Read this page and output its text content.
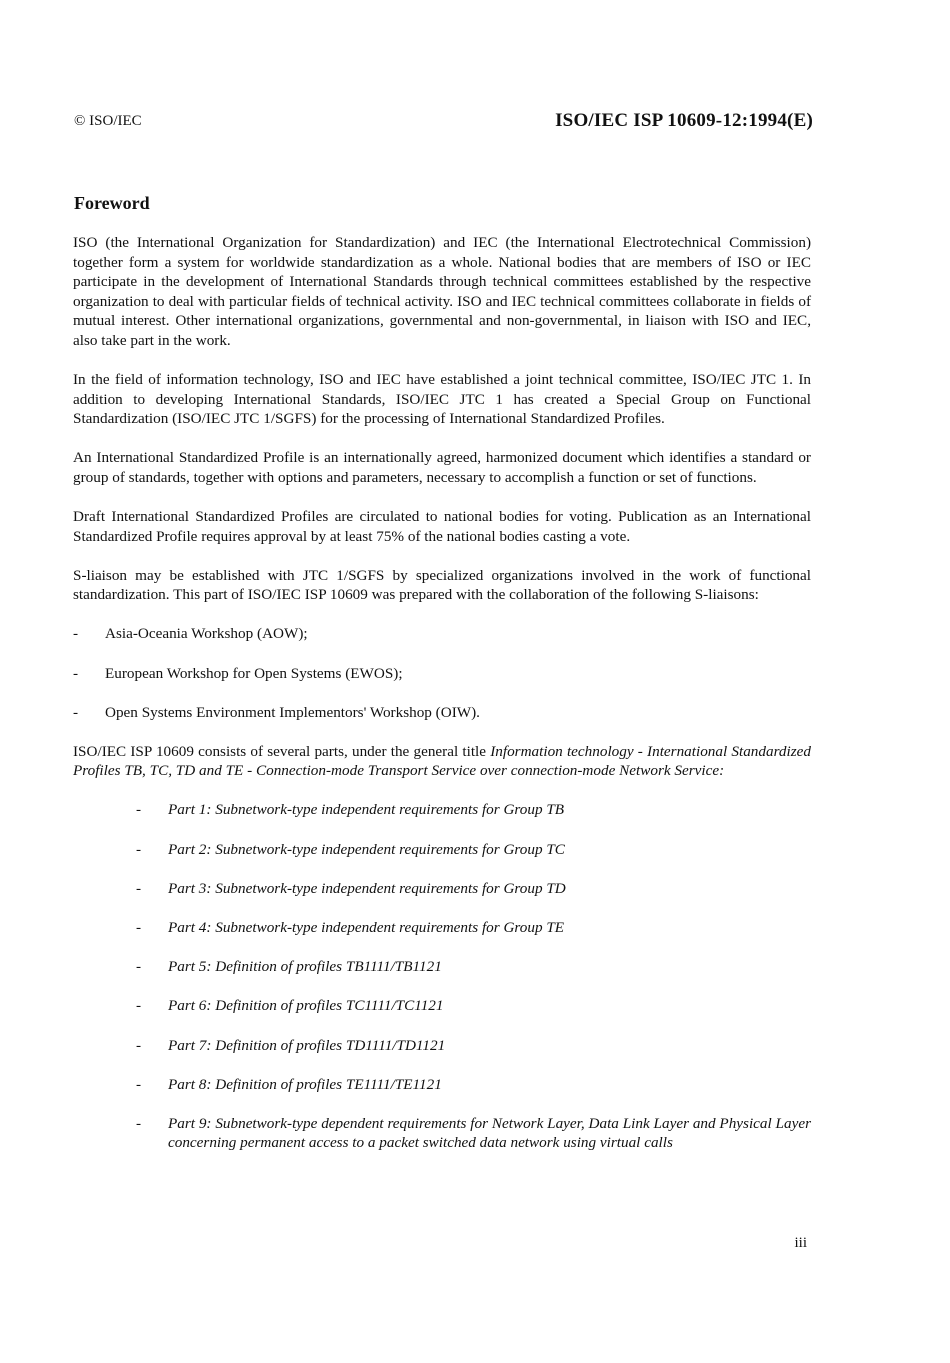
© ISO/IEC	ISO/IEC ISP 10609-12:1994(E)
Foreword

ISO (the International Organization for Standardization) and IEC (the International Electrotechnical Commission) together form a system for worldwide standardization as a whole. National bodies that are members of ISO or IEC participate in the development of International Standards through technical committees established by the respective organization to deal with particular fields of technical activity. ISO and IEC technical committees collaborate in fields of mutual interest. Other international organizations, governmental and non-governmental, in liaison with ISO and IEC, also take part in the work.

In the field of information technology, ISO and IEC have established a joint technical committee, ISO/IEC JTC 1. In addition to developing International Standards, ISO/IEC JTC 1 has created a Special Group on Functional Standardization (ISO/IEC JTC 1/SGFS) for the processing of International Standardized Profiles.

An International Standardized Profile is an internationally agreed, harmonized document which identifies a standard or group of standards, together with options and parameters, necessary to accomplish a function or set of functions.

Draft International Standardized Profiles are circulated to national bodies for voting. Publication as an International Standardized Profile requires approval by at least 75% of the national bodies casting a vote.

S-liaison may be established with JTC 1/SGFS by specialized organizations involved in the work of functional standardization. This part of ISO/IEC ISP 10609 was prepared with the collaboration of the following S-liaisons:

- Asia-Oceania Workshop (AOW);
- European Workshop for Open Systems (EWOS);
- Open Systems Environment Implementors' Workshop (OIW).

ISO/IEC ISP 10609 consists of several parts, under the general title Information technology - International Standardized Profiles TB, TC, TD and TE - Connection-mode Transport Service over connection-mode Network Service:

- Part 1: Subnetwork-type independent requirements for Group TB
- Part 2: Subnetwork-type independent requirements for Group TC
- Part 3: Subnetwork-type independent requirements for Group TD
- Part 4: Subnetwork-type independent requirements for Group TE
- Part 5: Definition of profiles TB1111/TB1121
- Part 6: Definition of profiles TC1111/TC1121
- Part 7: Definition of profiles TD1111/TD1121
- Part 8: Definition of profiles TE1111/TE1121
- Part 9: Subnetwork-type dependent requirements for Network Layer, Data Link Layer and Physical Layer concerning permanent access to a packet switched data network using virtual calls
iii
